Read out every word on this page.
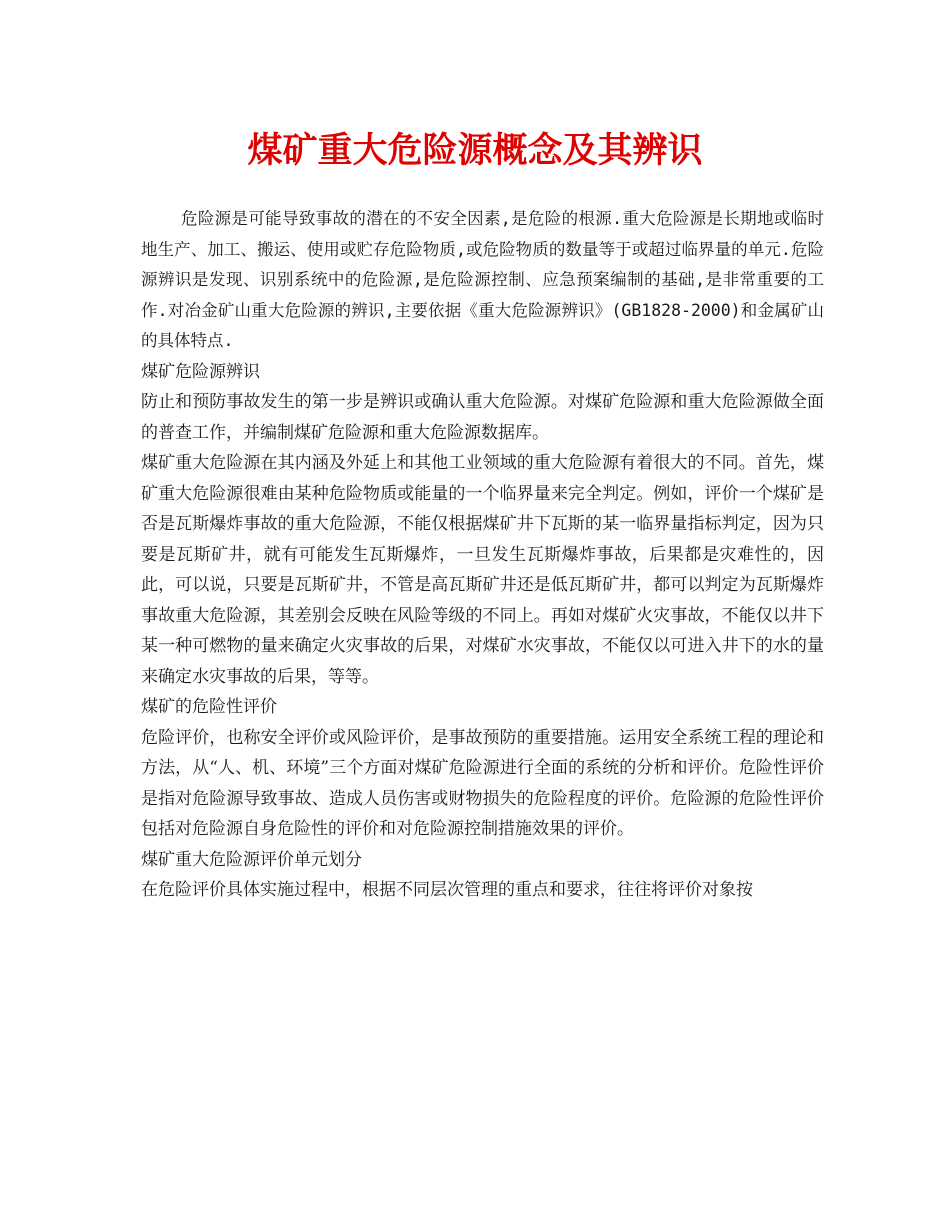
煤矿重大危险源概念及其辨识

危险源是可能导致事故的潜在的不安全因素,是危险的根源.重大危险源是长期地或临时地生产、加工、搬运、使用或贮存危险物质,或危险物质的数量等于或超过临界量的单元.危险源辨识是发现、识别系统中的危险源,是危险源控制、应急预案编制的基础,是非常重要的工作.对冶金矿山重大危险源的辨识,主要依据《重大危险源辨识》(GB1828-2000)和金属矿山的具体特点.

煤矿危险源辨识

防止和预防事故发生的第一步是辨识或确认重大危险源。对煤矿危险源和重大危险源做全面的普查工作，并编制煤矿危险源和重大危险源数据库。

煤矿重大危险源在其内涵及外延上和其他工业领域的重大危险源有着很大的不同。首先，煤矿重大危险源很难由某种危险物质或能量的一个临界量来完全判定。例如，评价一个煤矿是否是瓦斯爆炸事故的重大危险源，不能仅根据煤矿井下瓦斯的某一临界量指标判定，因为只要是瓦斯矿井，就有可能发生瓦斯爆炸，一旦发生瓦斯爆炸事故，后果都是灾难性的，因此，可以说，只要是瓦斯矿井，不管是高瓦斯矿井还是低瓦斯矿井，都可以判定为瓦斯爆炸事故重大危险源，其差别会反映在风险等级的不同上。再如对煤矿火灾事故，不能仅以井下某一种可燃物的量来确定火灾事故的后果，对煤矿水灾事故，不能仅以可进入井下的水的量来确定水灾事故的后果，等等。

煤矿的危险性评价

危险评价，也称安全评价或风险评价，是事故预防的重要措施。运用安全系统工程的理论和方法，从“人、机、环境”三个方面对煤矿危险源进行全面的系统的分析和评价。危险性评价是指对危险源导致事故、造成人员伤害或财物损失的危险程度的评价。危险源的危险性评价包括对危险源自身危险性的评价和对危险源控制措施效果的评价。

煤矿重大危险源评价单元划分

在危险评价具体实施过程中，根据不同层次管理的重点和要求，往往将评价对象按
